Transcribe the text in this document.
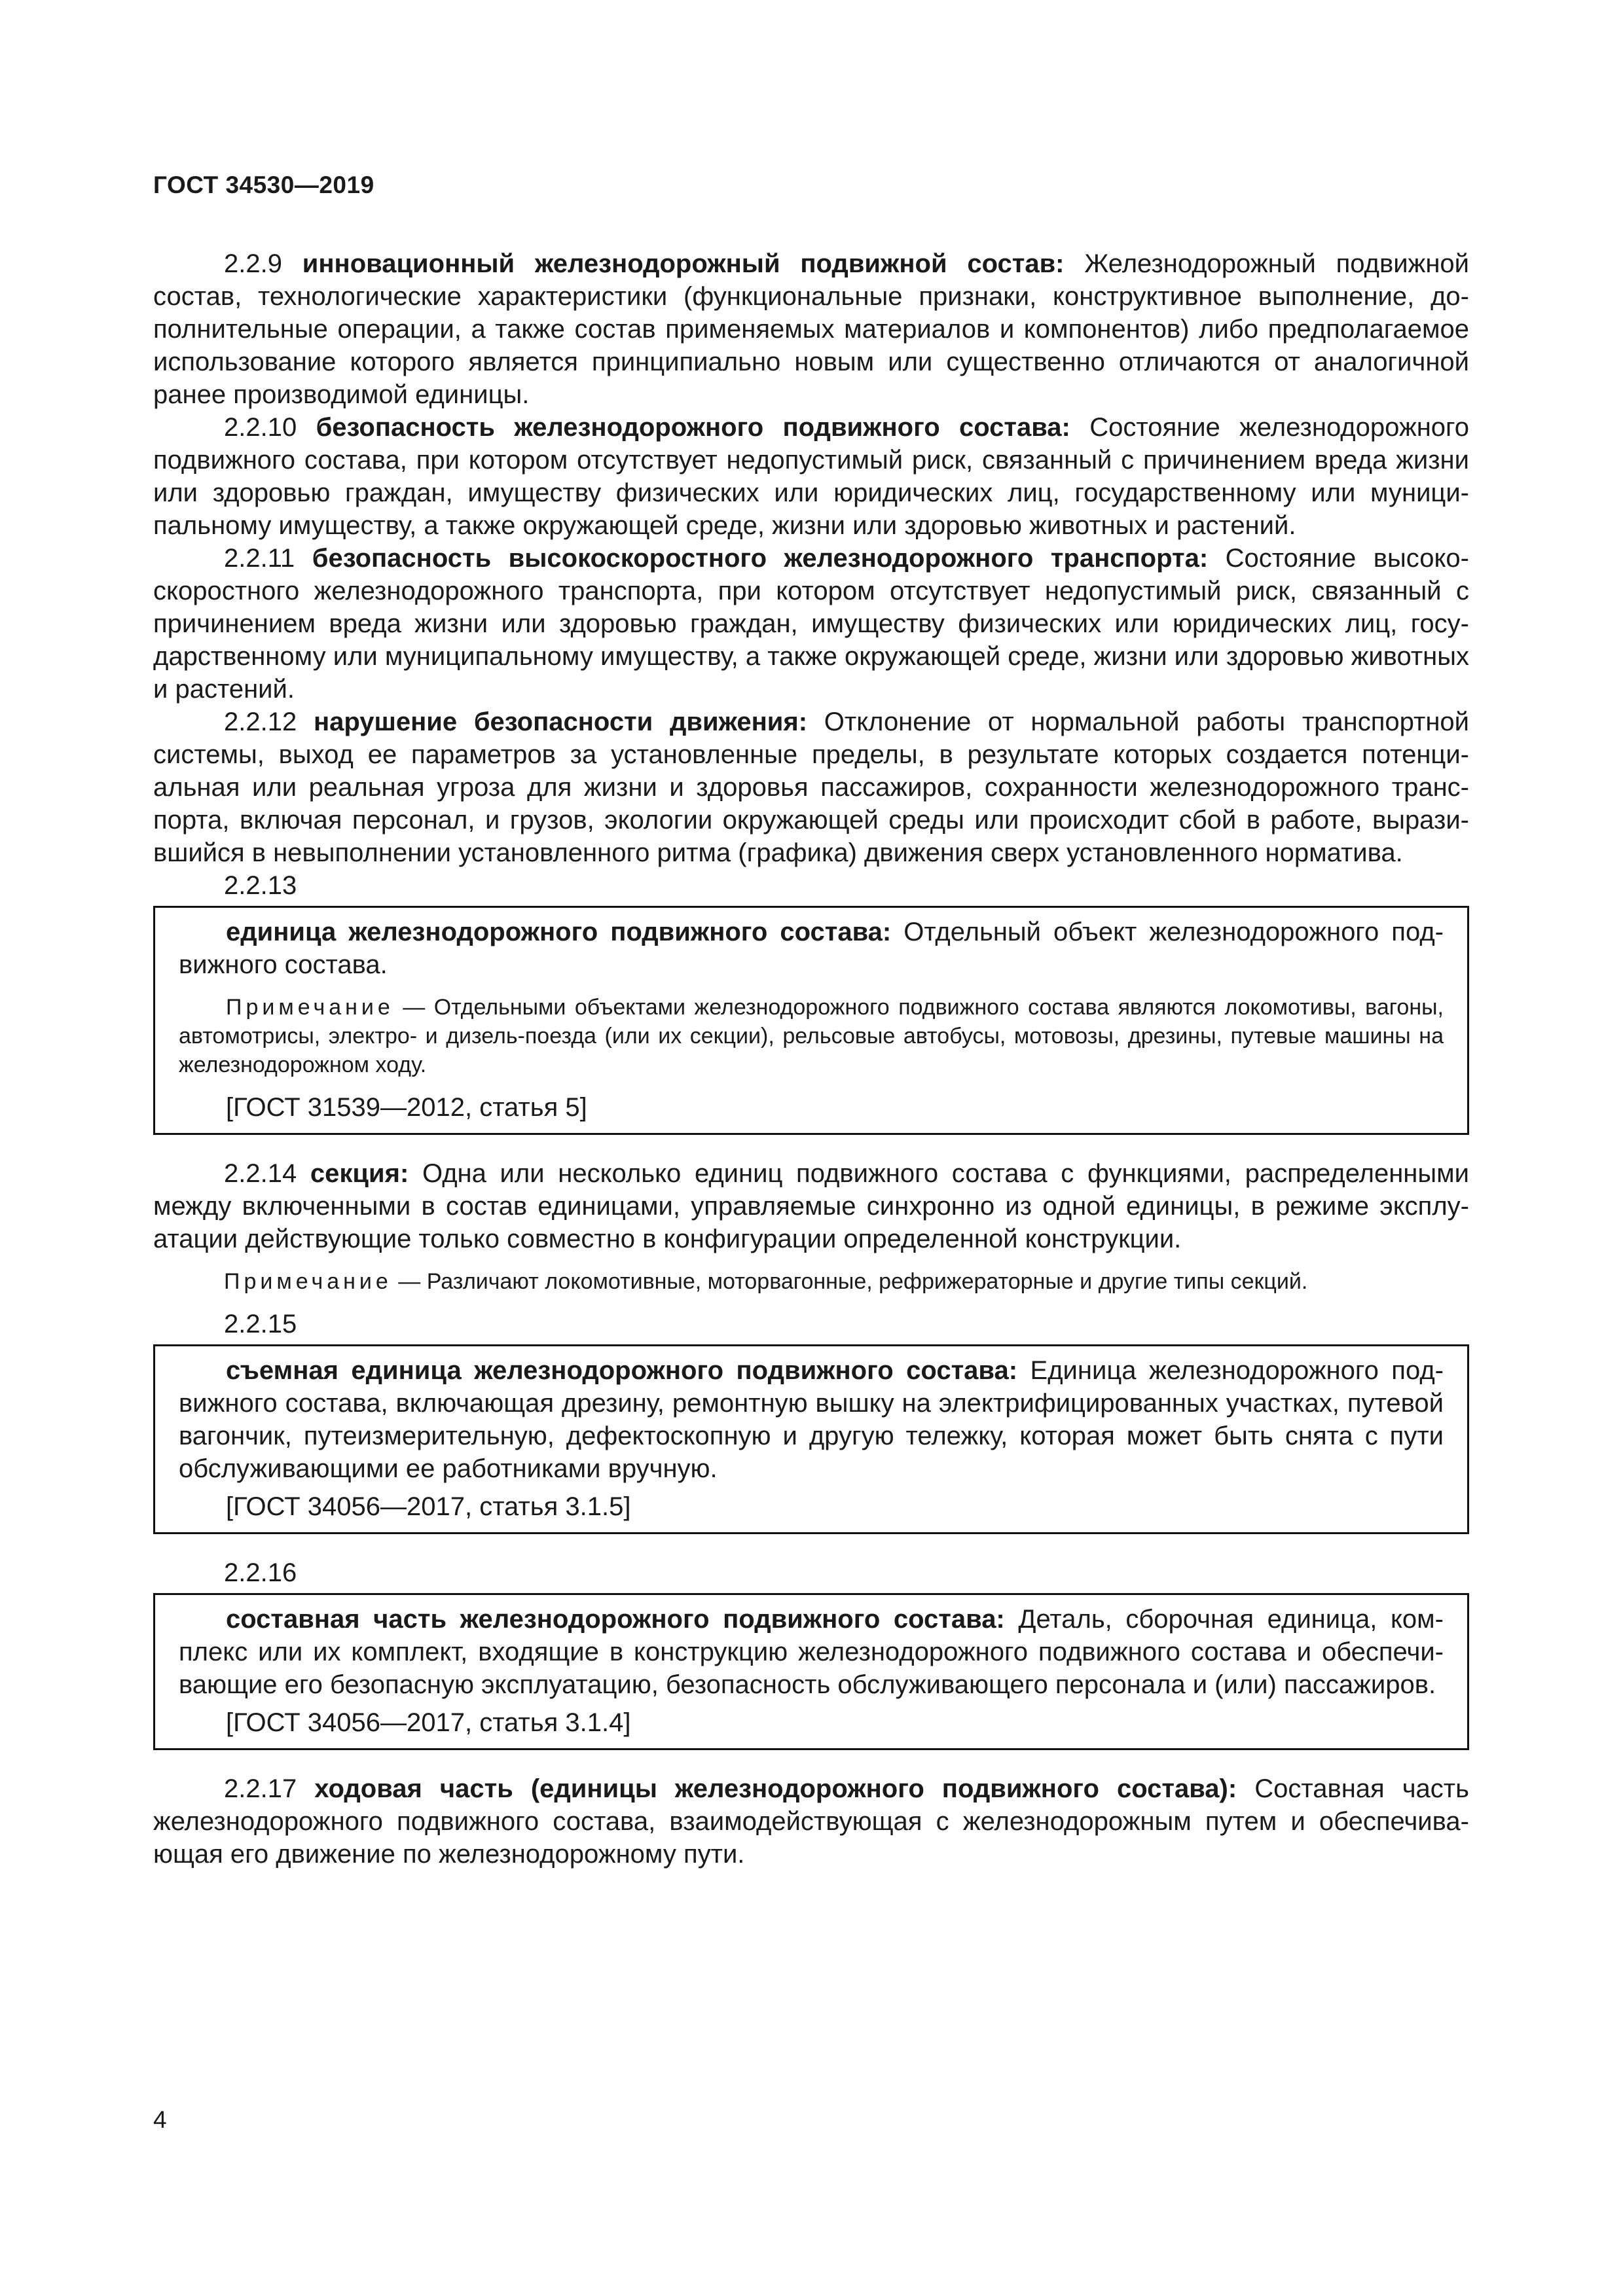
ГОСТ 34530—2019

2.2.9 инновационный железнодорожный подвижной состав: Железнодорожный подвижной состав, технологические характеристики (функциональные признаки, конструктивное выполнение, дополнительные операции, а также состав применяемых материалов и компонентов) либо предполагаемое использование которого является принципиально новым или существенно отличаются от аналогичной ранее производимой единицы.

2.2.10 безопасность железнодорожного подвижного состава: Состояние железнодорожного подвижного состава, при котором отсутствует недопустимый риск, связанный с причинением вреда жизни или здоровью граждан, имуществу физических или юридических лиц, государственному или муниципальному имуществу, а также окружающей среде, жизни или здоровью животных и растений.

2.2.11 безопасность высокоскоростного железнодорожного транспорта: Состояние высокоскоростного железнодорожного транспорта, при котором отсутствует недопустимый риск, связанный с причинением вреда жизни или здоровью граждан, имуществу физических или юридических лиц, государственному или муниципальному имуществу, а также окружающей среде, жизни или здоровью животных и растений.

2.2.12 нарушение безопасности движения: Отклонение от нормальной работы транспортной системы, выход ее параметров за установленные пределы, в результате которых создается потенциальная или реальная угроза для жизни и здоровья пассажиров, сохранности железнодорожного транспорта, включая персонал, и грузов, экологии окружающей среды или происходит сбой в работе, выразившийся в невыполнении установленного ритма (графика) движения сверх установленного норматива.

2.2.13

единица железнодорожного подвижного состава: Отдельный объект железнодорожного подвижного состава.

Примечание — Отдельными объектами железнодорожного подвижного состава являются локомотивы, вагоны, автомотрисы, электро- и дизель-поезда (или их секции), рельсовые автобусы, мотовозы, дрезины, путевые машины на железнодорожном ходу.

[ГОСТ 31539—2012, статья 5]

2.2.14 секция: Одна или несколько единиц подвижного состава с функциями, распределенными между включенными в состав единицами, управляемые синхронно из одной единицы, в режиме эксплуатации действующие только совместно в конфигурации определенной конструкции.

Примечание — Различают локомотивные, моторвагонные, рефрижераторные и другие типы секций.

2.2.15

съемная единица железнодорожного подвижного состава: Единица железнодорожного подвижного состава, включающая дрезину, ремонтную вышку на электрифицированных участках, путевой вагончик, путеизмерительную, дефектоскопную и другую тележку, которая может быть снята с пути обслуживающими ее работниками вручную.

[ГОСТ 34056—2017, статья 3.1.5]

2.2.16

составная часть железнодорожного подвижного состава: Деталь, сборочная единица, комплекс или их комплект, входящие в конструкцию железнодорожного подвижного состава и обеспечивающие его безопасную эксплуатацию, безопасность обслуживающего персонала и (или) пассажиров.

[ГОСТ 34056—2017, статья 3.1.4]

2.2.17 ходовая часть (единицы железнодорожного подвижного состава): Составная часть железнодорожного подвижного состава, взаимодействующая с железнодорожным путем и обеспечивающая его движение по железнодорожному пути.

4
